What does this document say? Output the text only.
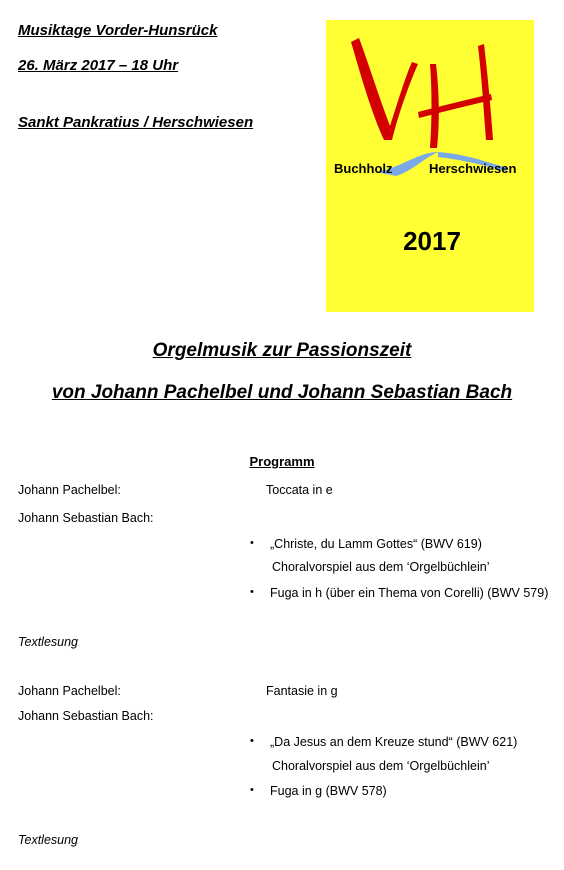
Musiktage Vorder-Hunsrück
26. März 2017 – 18 Uhr
Sankt Pankratius / Herschwiesen
Buchholz	Herschwiesen
2017
Orgelmusik zur Passionszeit
von Johann Pachelbel und Johann Sebastian Bach
Programm
Johann Pachelbel:	Toccata in e
Johann Sebastian Bach:
• „Christe, du Lamm Gottes“ (BWV 619)
Choralvorspiel aus dem ‘Orgelbüchlein’
• Fuga in h (über ein Thema von Corelli) (BWV 579)
Textlesung
Johann Pachelbel:	Fantasie in g
Johann Sebastian Bach:
• „Da Jesus an dem Kreuze stund“ (BWV 621)
Choralvorspiel aus dem ‘Orgelbüchlein’
• Fuga in g (BWV 578)
Textlesung
